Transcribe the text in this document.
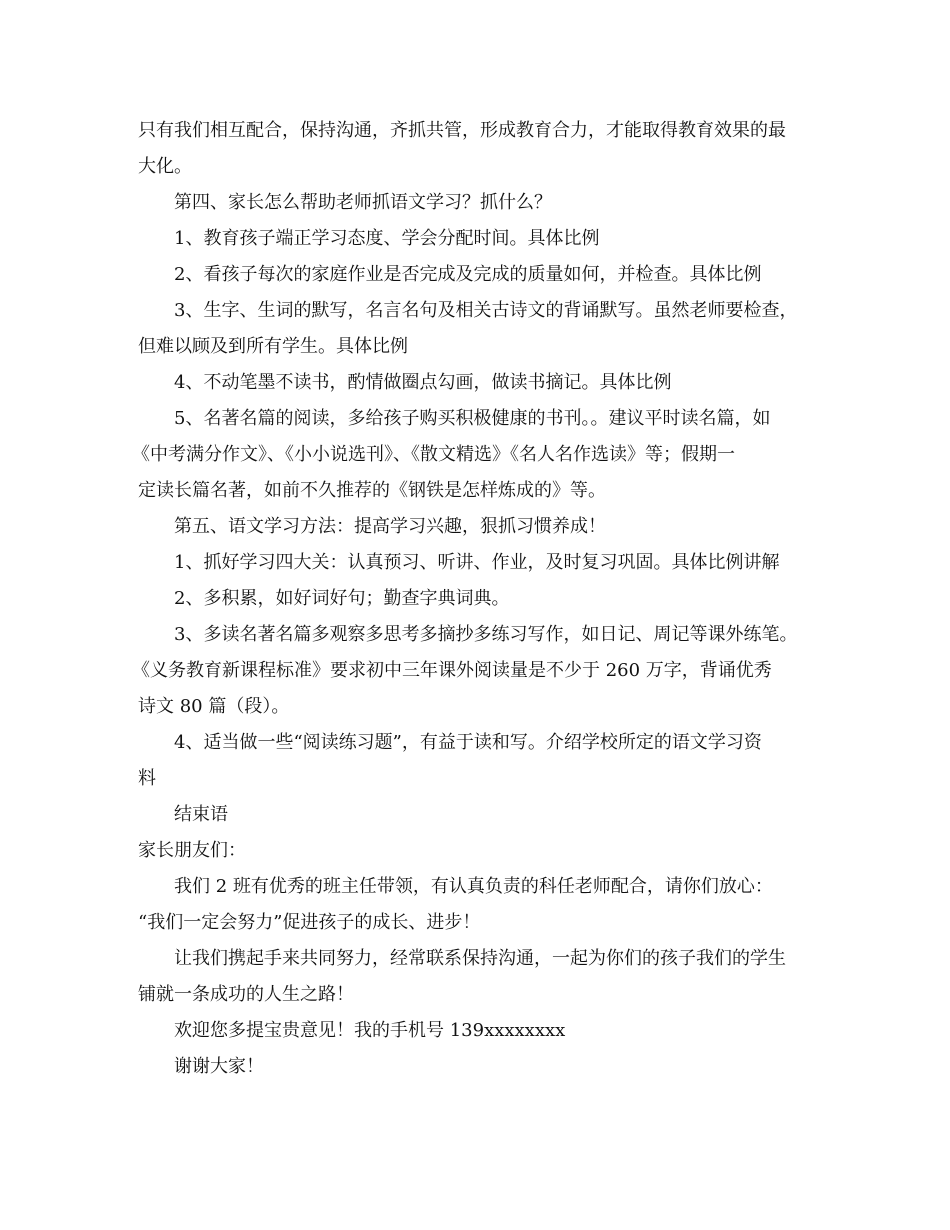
只有我们相互配合，保持沟通，齐抓共管，形成教育合力，才能取得教育效果的最
大化。
第四、家长怎么帮助老师抓语文学习？抓什么？
1、教育孩子端正学习态度、学会分配时间。具体比例
2、看孩子每次的家庭作业是否完成及完成的质量如何，并检查。具体比例
3、生字、生词的默写，名言名句及相关古诗文的背诵默写。虽然老师要检查，
但难以顾及到所有学生。具体比例
4、不动笔墨不读书，酌情做圈点勾画，做读书摘记。具体比例
5、名著名篇的阅读，多给孩子购买积极健康的书刊。。建议平时读名篇，如
《中考满分作文》、《小小说选刊》、《散文精选》《名人名作选读》等；假期一
定读长篇名著，如前不久推荐的《钢铁是怎样炼成的》等。
第五、语文学习方法：提高学习兴趣，狠抓习惯养成！
1、抓好学习四大关：认真预习、听讲、作业，及时复习巩固。具体比例讲解
2、多积累，如好词好句；勤查字典词典。
3、多读名著名篇多观察多思考多摘抄多练习写作，如日记、周记等课外练笔。
《义务教育新课程标准》要求初中三年课外阅读量是不少于 260 万字，背诵优秀
诗文 80 篇（段）。
4、适当做一些“阅读练习题”，有益于读和写。介绍学校所定的语文学习资
料
结束语
家长朋友们：
我们 2 班有优秀的班主任带领，有认真负责的科任老师配合，请你们放心：
“我们一定会努力”促进孩子的成长、进步！
让我们携起手来共同努力，经常联系保持沟通，一起为你们的孩子我们的学生
铺就一条成功的人生之路！
欢迎您多提宝贵意见！我的手机号 139xxxxxxxx
谢谢大家！
